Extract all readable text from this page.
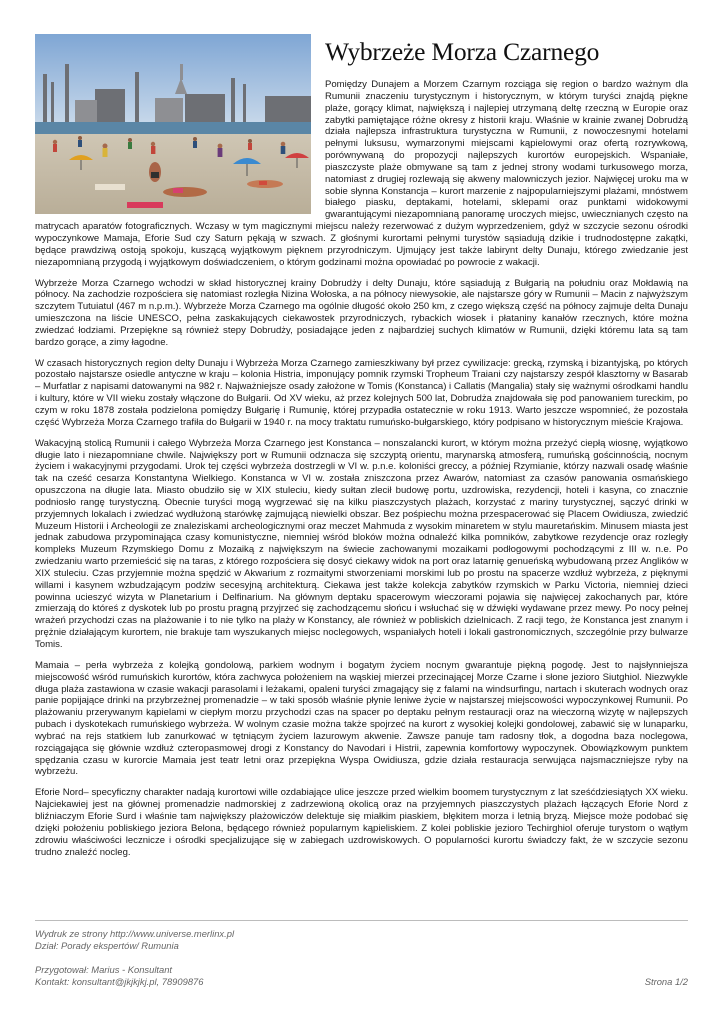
Wybrzeże Morza Czarnego

Pomiędzy Dunajem a Morzem Czarnym rozciąga się region o bardzo ważnym dla Rumunii znaczeniu turystycznym i historycznym, w którym turyści znajdą piękne plaże, gorący klimat, największą i najlepiej utrzymaną deltę rzeczną w Europie oraz zabytki pamiętające różne okresy z historii kraju. Właśnie w krainie zwanej Dobrudżą działa najlepsza infrastruktura turystyczna w Rumunii, z nowoczesnymi hotelami pełnymi luksusu, wymarzonymi miejscami kąpielowymi oraz ofertą rozrywkową, porównywaną do propozycji najlepszych kurortów europejskich. Wspaniałe, piaszczyste plaże obmywane są tam z jednej strony wodami turkusowego morza, natomiast z drugiej rozlewają się akweny malowniczych jezior. Najwięcej uroku ma w sobie słynna Konstancja – kurort marzenie z najpopularniejszymi plażami, mnóstwem białego piasku, deptakami, hotelami, sklepami oraz punktami widokowymi gwarantującymi niezapomnianą panoramę uroczych miejsc, uwiecznianych często na matrycach aparatów fotograficznych. Wczasy w tym magicznymi miejscu należy rezerwować z dużym wyprzedzeniem, gdyż w szczycie sezonu ośrodki wypoczynkowe Mamaja, Eforie Sud czy Saturn pękają w szwach. Z głośnymi kurortami pełnymi turystów sąsiadują dzikie i trudnodostępne zakątki, będące prawdziwą ostoją spokoju, kuszącą wyjątkowym pięknem przyrodniczym. Ujmujący jest także labirynt delty Dunaju, którego zwiedzanie jest niezapomnianą przygodą i wyjątkowym doświadczeniem, o którym godzinami można opowiadać po powrocie z wakacji.

Wybrzeże Morza Czarnego wchodzi w skład historycznej krainy Dobrudży i delty Dunaju, które sąsiadują z Bułgarią na południu oraz Mołdawią na północy. Na zachodzie rozpościera się natomiast rozległa Nizina Wołoska, a na północy niewysokie, ale najstarsze góry w Rumunii – Macin z najwyższym szczytem Tutuiatul (467 m n.p.m.). Wybrzeże Morza Czarnego ma ogólnie długość około 250 km, z czego większą część na północy zajmuje delta Dunaju umieszczona na liście UNESCO, pełna zaskakujących ciekawostek przyrodniczych, rybackich wiosek i płataniny kanałów rzecznych, które można zwiedzać łodziami. Przepiękne są również stepy Dobrudży, posiadające jeden z najbardziej suchych klimatów w Rumunii, dzięki któremu lata są tam bardzo gorące, a zimy łagodne.

W czasach historycznych region delty Dunaju i Wybrzeża Morza Czarnego zamieszkiwany był przez cywilizacje: grecką, rzymską i bizantyjską, po których pozostało najstarsze osiedle antyczne w kraju – kolonia Histria, imponujący pomnik rzymski Tropheum Traiani czy najstarszy zespół klasztorny w Basarab – Murfatlar z napisami datowanymi na 982 r. Najważniejsze osady założone w Tomis (Konstanca) i Callatis (Mangalia) stały się ważnymi ośrodkami handlu i kultury, które w VII wieku zostały włączone do Bułgarii. Od XV wieku, aż przez kolejnych 500 lat, Dobrudża znajdowała się pod panowaniem tureckim, po czym w roku 1878 została podzielona pomiędzy Bułgarię i Rumunię, której przypadła ostatecznie w roku 1913. Warto jeszcze wspomnieć, że pozostała część Wybrzeża Morza Czarnego trafiła do Bułgarii w 1940 r. na mocy traktatu rumuńsko-bułgarskiego, który podpisano w historycznym mieście Krajowa.

Wakacyjną stolicą Rumunii i całego Wybrzeża Morza Czarnego jest Konstanca – nonszalancki kurort, w którym można przeżyć ciepłą wiosnę, wyjątkowo długie lato i niezapomniane chwile. Największy port w Rumunii odznacza się szczyptą orientu, marynarską atmosferą, rumuńską gościnnością, nocnym życiem i wakacyjnymi przygodami. Urok tej części wybrzeża dostrzegli w VI w. p.n.e. koloniści greccy, a później Rzymianie, którzy nazwali osadę właśnie tak na cześć cesarza Konstantyna Wielkiego. Konstanca w VI w. została zniszczona przez Awarów, natomiast za czasów panowania osmańskiego opuszczona na długie lata. Miasto obudziło się w XIX stuleciu, kiedy sułtan zlecił budowę portu, uzdrowiska, rezydencji, hoteli i kasyna, co znacznie podniosło rangę turystyczną. Obecnie turyści mogą wygrzewać się na kilku piaszczystych plażach, korzystać z mariny turystycznej, sączyć drinki w przyjemnych lokalach i zwiedzać wydłużoną starówkę zajmującą niewielki obszar. Bez pośpiechu można przespacerować się Placem Owidiusza, zwiedzić Muzeum Historii i Archeologii ze znaleziskami archeologicznymi oraz meczet Mahmuda z wysokim minaretem w stylu mauretańskim. Minusem miasta jest jednak zabudowa przypominająca czasy komunistyczne, niemniej wśród bloków można odnaleźć kilka pomników, zabytkowe rezydencje oraz rozległy kompleks Muzeum Rzymskiego Domu z Mozaiką z największym na świecie zachowanymi mozaikami podłogowymi pochodzącymi z III w. n.e. Po zwiedzaniu warto przemieścić się na taras, z którego rozpościera się dosyć ciekawy widok na port oraz latarnię genueńską wybudowaną przez Anglików w XIX stuleciu. Czas przyjemnie można spędzić w Akwarium z rozmaitymi stworzeniami morskimi lub po prostu na spacerze wzdłuż wybrzeża, z pięknymi willami i kasynem wzbudzającym podziw secesyjną architekturą. Ciekawa jest także kolekcja zabytków rzymskich w Parku Victoria, niemniej dzieci powinna ucieszyć wizyta w Planetarium i Delfinarium. Na głównym deptaku spacerowym wieczorami pojawia się najwięcej zakochanych par, które zmierzają do któreś z dyskotek lub po prostu pragną przyjrzeć się zachodzącemu słońcu i wsłuchać się w dźwięki wydawane przez mewy. Po nocy pełnej wrażeń przychodzi czas na plażowanie i to nie tylko na plaży w Konstancy, ale również w pobliskich dzielnicach. Z racji tego, że Konstanca jest znanym i prężnie działającym kurortem, nie brakuje tam wyszukanych miejsc noclegowych, wspaniałych hoteli i lokali gastronomicznych, szczególnie przy bulwarze Tomis.

Mamaia – perła wybrzeża z kolejką gondolową, parkiem wodnym i bogatym życiem nocnym gwarantuje piękną pogodę. Jest to najsłynniejsza miejscowość wśród rumuńskich kurortów, która zachwyca położeniem na wąskiej mierzei przecinającej Morze Czarne i słone jezioro Siutghiol. Niezwykle długa plaża zastawiona w czasie wakacji parasolami i leżakami, opaleni turyści zmagający się z falami na windsurfingu, nartach i skuterach wodnych oraz panie popijające drinki na przybrzeżnej promenadzie – w taki sposób właśnie płynie leniwe życie w najstarszej miejscowości wypoczynkowej Rumunii. Po plażowaniu przerywanym kąpielami w ciepłym morzu przychodzi czas na spacer po deptaku pełnym restauracji oraz na wieczorną wizytę w najlepszych pubach i dyskotekach rumuńskiego wybrzeża. W wolnym czasie można także spojrzeć na kurort z wysokiej kolejki gondolowej, zabawić się w lunaparku, wybrać na rejs statkiem lub zanurkować w tętniącym życiem lazurowym akwenie. Zawsze panuje tam radosny tłok, a dogodna baza noclegowa, rozciągająca się głównie wzdłuż czteropasmowej drogi z Konstancy do Navodari i Histrii, zapewnia komfortowy wypoczynek. Obowiązkowym punktem spędzania czasu w kurorcie Mamaia jest teatr letni oraz przepiękna Wyspa Owidiusza, gdzie działa restauracja serwująca najsmaczniejsze ryby na wybrzeżu.

Eforie Nord– specyficzny charakter nadają kurortowi wille ozdabiające ulice jeszcze przed wielkim boomem turystycznym z lat sześćdziesiątych XX wieku. Najciekawiej jest na głównej promenadzie nadmorskiej z zadrzewioną okolicą oraz na przyjemnych piaszczystych plażach łączących Eforie Nord z bliźniaczym Eforie Surd i właśnie tam największy plażowiczów delektuje się miałkim piaskiem, błękitem morza i letnią bryzą. Miejsce może podobać się dzięki położeniu pobliskiego jeziora Belona, będącego również popularnym kąpieliskiem. Z kolei pobliskie jezioro Techirghiol oferuje turystom o wątłym zdrowiu właściwości lecznicze i ośrodki specjalizujące się w zabiegach uzdrowiskowych. O popularności kurortu świadczy fakt, że w szczycie sezonu trudno znaleźć nocleg.

Wydruk ze strony http://www.universe.merlinx.pl
Dział: Porady ekspertów/ Rumunia
Przygotował: Marius - Konsultant
Kontakt: konsultant@jkjkjkj.pl, 78909876	Strona 1/2
